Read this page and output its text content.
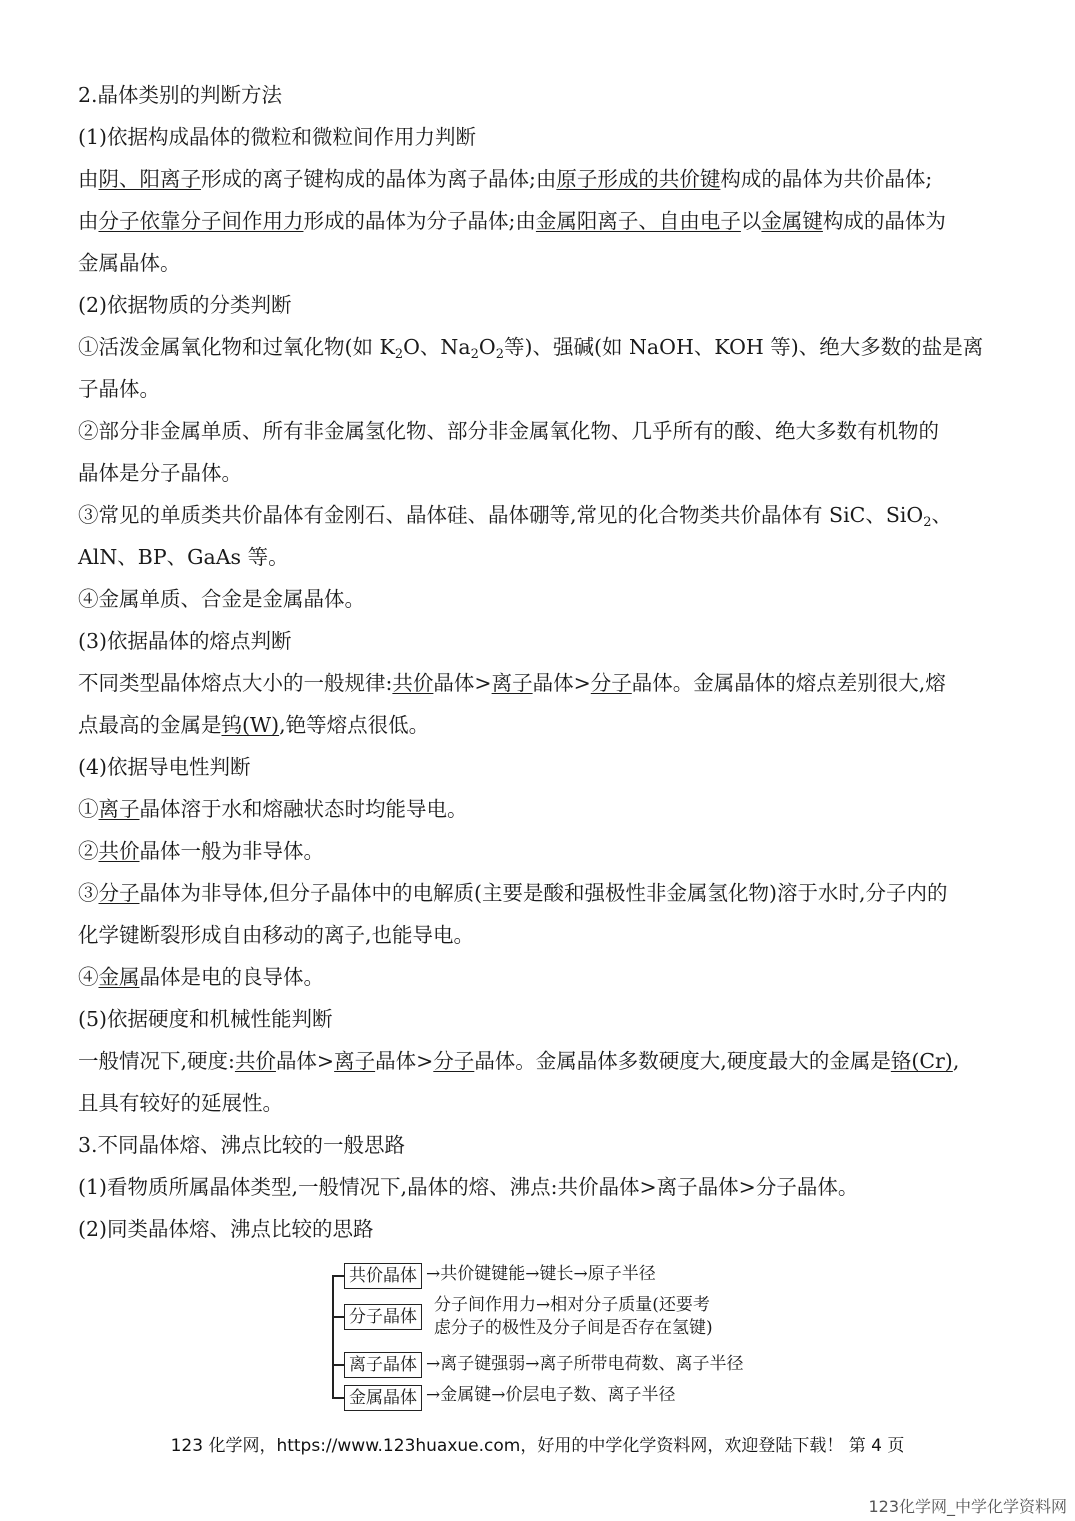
2.晶体类别的判断方法
(1)依据构成晶体的微粒和微粒间作用力判断
由阴、阳离子形成的离子键构成的晶体为离子晶体;由原子形成的共价键构成的晶体为共价晶体;
由分子依靠分子间作用力形成的晶体为分子晶体;由金属阳离子、自由电子以金属键构成的晶体为
金属晶体。
(2)依据物质的分类判断
①活泼金属氧化物和过氧化物(如 $K_2O$、$Na_2O_2$等)、强碱(如 NaOH、KOH 等)、绝大多数的盐是离
子晶体。
②部分非金属单质、所有非金属氢化物、部分非金属氧化物、几乎所有的酸、绝大多数有机物的
晶体是分子晶体。
③常见的单质类共价晶体有金刚石、晶体硅、晶体硼等,常见的化合物类共价晶体有 SiC、SiO$_2$、
AlN、BP、GaAs 等。
④金属单质、合金是金属晶体。
(3)依据晶体的熔点判断
不同类型晶体熔点大小的一般规律:共价晶体>离子晶体>分子晶体。金属晶体的熔点差别很大,熔
点最高的金属是钨(W),铯等熔点很低。
(4)依据导电性判断
①离子晶体溶于水和熔融状态时均能导电。
②共价晶体一般为非导体。
③分子晶体为非导体,但分子晶体中的电解质(主要是酸和强极性非金属氢化物)溶于水时,分子内的
化学键断裂形成自由移动的离子,也能导电。
④金属晶体是电的良导体。
(5)依据硬度和机械性能判断
一般情况下,硬度:共价晶体>离子晶体>分子晶体。金属晶体多数硬度大,硬度最大的金属是铬(Cr),
且具有较好的延展性。
3.不同晶体熔、沸点比较的一般思路
(1)看物质所属晶体类型,一般情况下,晶体的熔、沸点:共价晶体>离子晶体>分子晶体。
(2)同类晶体熔、沸点比较的思路
共价晶体 →共价键键能→键长→原子半径
分子晶体
分子间作用力→相对分子质量(还要考
虑分子的极性及分子间是否存在氢键)
离子晶体 →离子键强弱→离子所带电荷数、离子半径
金属晶体 →金属键→价层电子数、离子半径
123 化学网，https://www.123huaxue.com，好用的中学化学资料网，欢迎登陆下载！ 第 4 页
123化学网_中学化学资料网
